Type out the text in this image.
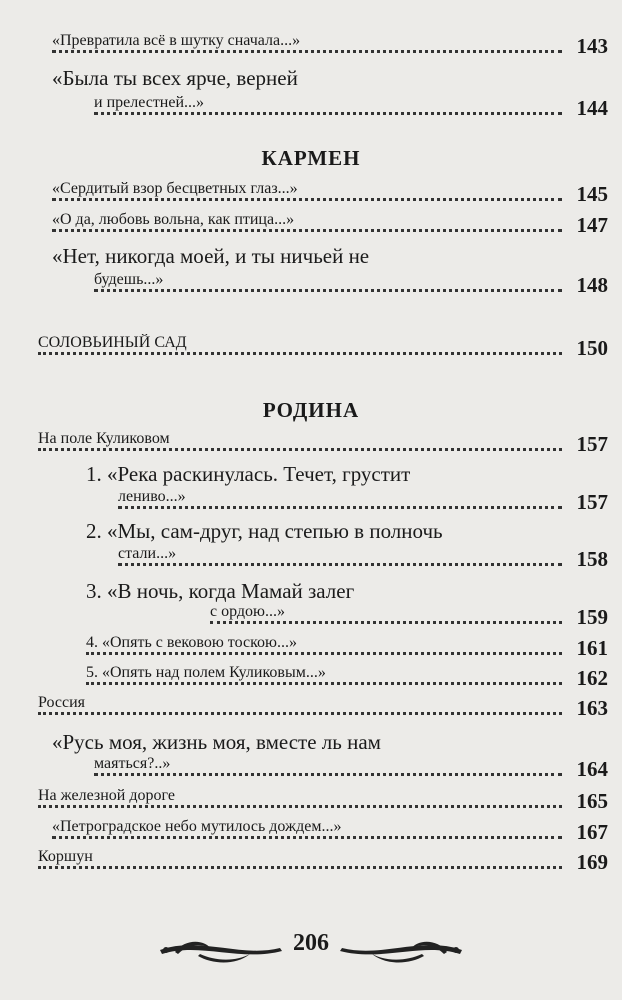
«Превратила всё в шутку сначала...»	143
«Была ты всех ярче, верней
и прелестней...»	144
КАРМЕН
«Сердитый взор бесцветных глаз...»	145
«О да, любовь вольна, как птица...»	147
«Нет, никогда моей, и ты ничьей не
будешь...»	148
СОЛОВЬИНЫЙ САД	150
РОДИНА
На поле Куликовом	157
1. «Река раскинулась. Течет, грустит
лениво...»	157
2. «Мы, сам-друг, над степью в полночь
стали...»	158
3. «В ночь, когда Мамай залег
с ордою...»	159
4. «Опять с вековою тоскою...»	161
5. «Опять над полем Куликовым...»	162
Россия	163
«Русь моя, жизнь моя, вместе ль нам
маяться?..»	164
На железной дороге	165
«Петроградское небо мутилось дождем...»	167
Коршун	169
206
